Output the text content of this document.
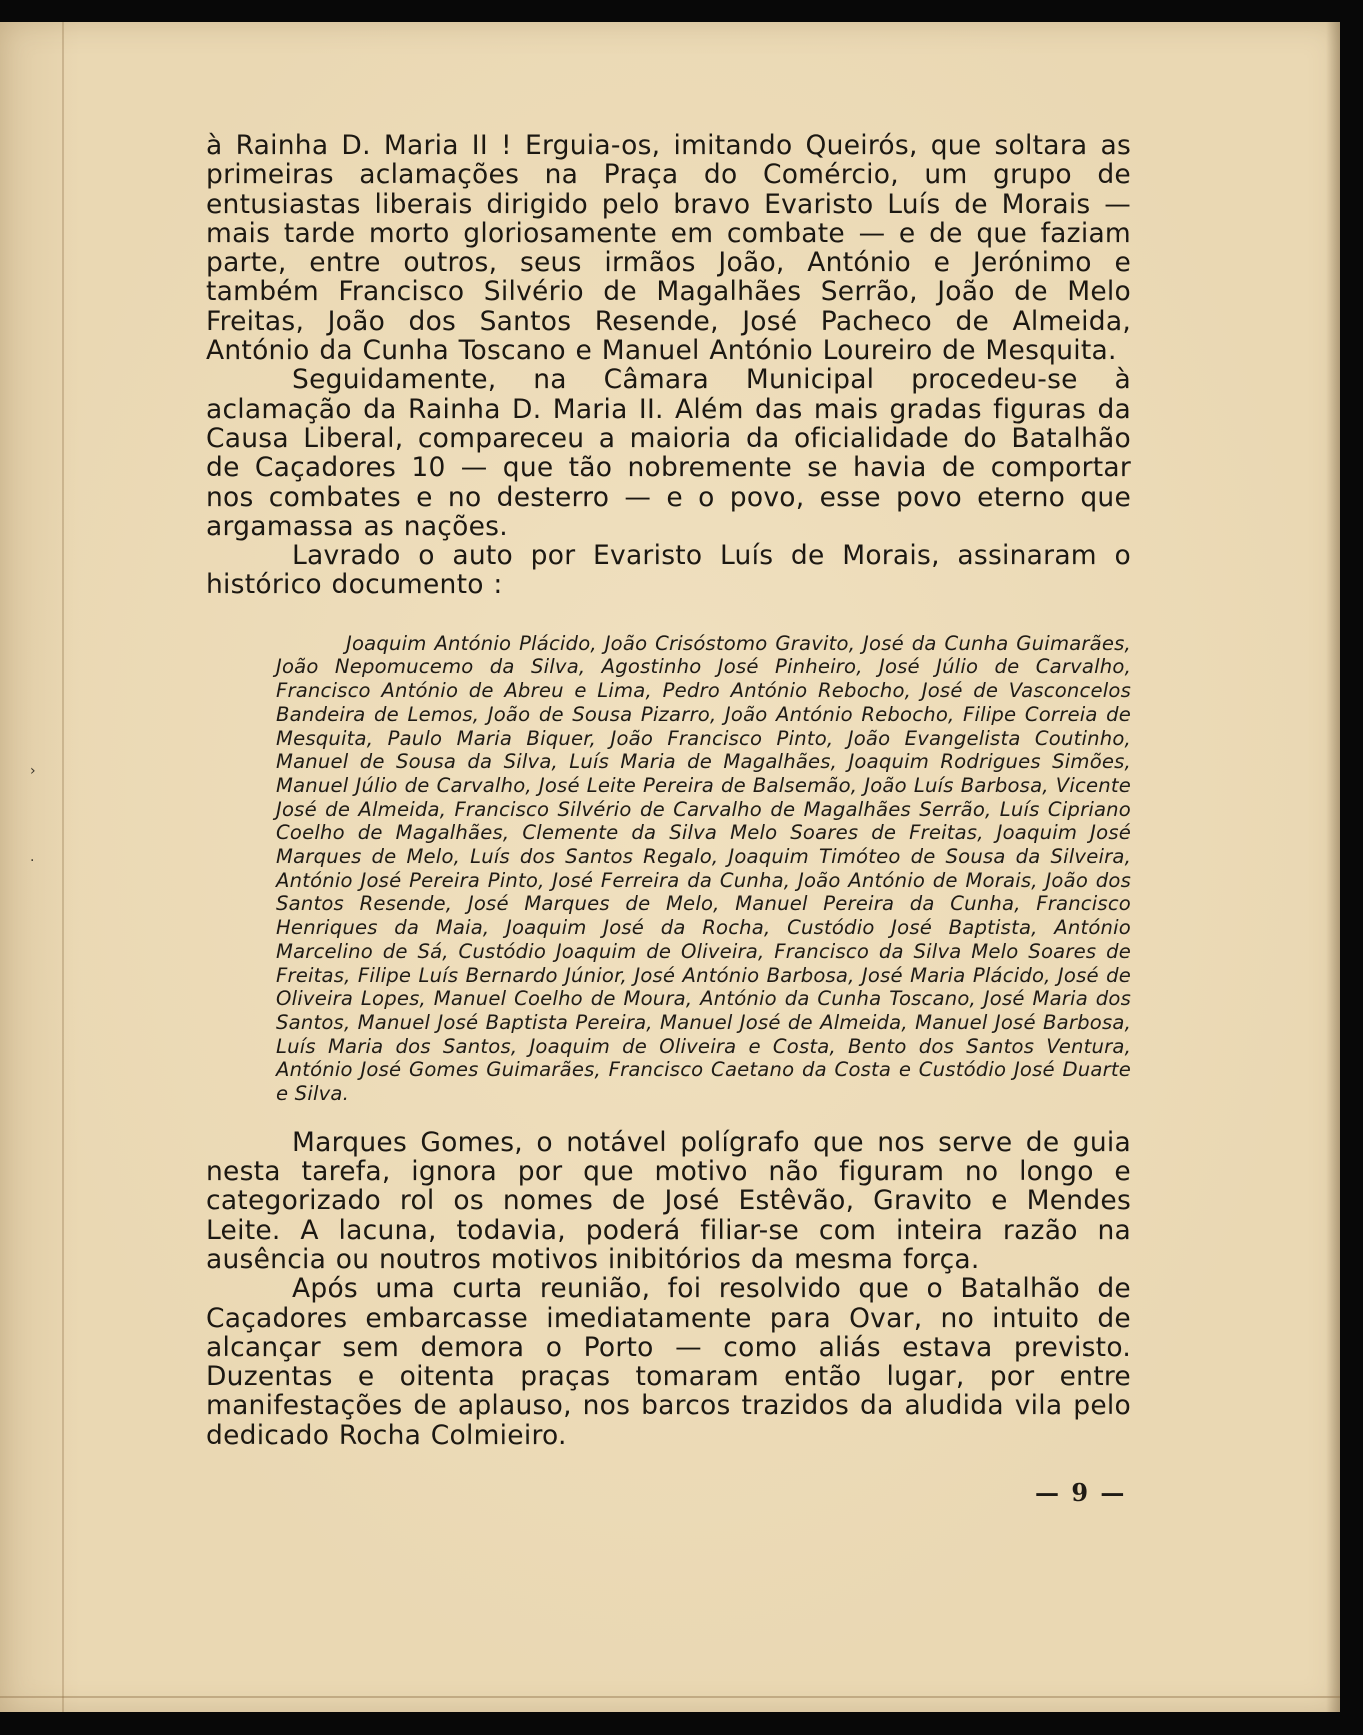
›
·

à Rainha D. Maria II ! Erguia-os, imitando Queirós, que soltara as primeiras aclamações na Praça do Comércio, um grupo de entusiastas liberais dirigido pelo bravo Evaristo Luís de Morais — mais tarde morto gloriosamente em combate — e de que faziam parte, entre outros, seus irmãos João, António e Jerónimo e também Francisco Silvério de Magalhães Serrão, João de Melo Freitas, João dos Santos Resende, José Pacheco de Almeida, António da Cunha Toscano e Manuel António Loureiro de Mesquita.

Seguidamente, na Câmara Municipal procedeu-se à aclamação da Rainha D. Maria II. Além das mais gradas figuras da Causa Liberal, compareceu a maioria da oficialidade do Batalhão de Caçadores 10 — que tão nobremente se havia de comportar nos combates e no desterro — e o povo, esse povo eterno que argamassa as nações.

Lavrado o auto por Evaristo Luís de Morais, assinaram o histórico documento :

Joaquim António Plácido, João Crisóstomo Gravito, José da Cunha Guimarães, João Nepomucemo da Silva, Agostinho José Pinheiro, José Júlio de Carvalho, Francisco António de Abreu e Lima, Pedro António Rebocho, José de Vasconcelos Bandeira de Lemos, João de Sousa Pizarro, João António Rebocho, Filipe Correia de Mesquita, Paulo Maria Biquer, João Francisco Pinto, João Evangelista Coutinho, Manuel de Sousa da Silva, Luís Maria de Magalhães, Joaquim Rodrigues Simões, Manuel Júlio de Carvalho, José Leite Pereira de Balsemão, João Luís Barbosa, Vicente José de Almeida, Francisco Silvério de Carvalho de Magalhães Serrão, Luís Cipriano Coelho de Magalhães, Clemente da Silva Melo Soares de Freitas, Joaquim José Marques de Melo, Luís dos Santos Regalo, Joaquim Timóteo de Sousa da Silveira, António José Pereira Pinto, José Ferreira da Cunha, João António de Morais, João dos Santos Resende, José Marques de Melo, Manuel Pereira da Cunha, Francisco Henriques da Maia, Joaquim José da Rocha, Custódio José Baptista, António Marcelino de Sá, Custódio Joaquim de Oliveira, Francisco da Silva Melo Soares de Freitas, Filipe Luís Bernardo Júnior, José António Barbosa, José Maria Plácido, José de Oliveira Lopes, Manuel Coelho de Moura, António da Cunha Toscano, José Maria dos Santos, Manuel José Baptista Pereira, Manuel José de Almeida, Manuel José Barbosa, Luís Maria dos Santos, Joaquim de Oliveira e Costa, Bento dos Santos Ventura, António José Gomes Guimarães, Francisco Caetano da Costa e Custódio José Duarte e Silva.

Marques Gomes, o notável polígrafo que nos serve de guia nesta tarefa, ignora por que motivo não figuram no longo e categorizado rol os nomes de José Estêvão, Gravito e Mendes Leite. A lacuna, todavia, poderá filiar-se com inteira razão na ausência ou noutros motivos inibitórios da mesma força.

Após uma curta reunião, foi resolvido que o Batalhão de Caçadores embarcasse imediatamente para Ovar, no intuito de alcançar sem demora o Porto — como aliás estava previsto. Duzentas e oitenta praças tomaram então lugar, por entre manifestações de aplauso, nos barcos trazidos da aludida vila pelo dedicado Rocha Colmieiro.

— 9 —
